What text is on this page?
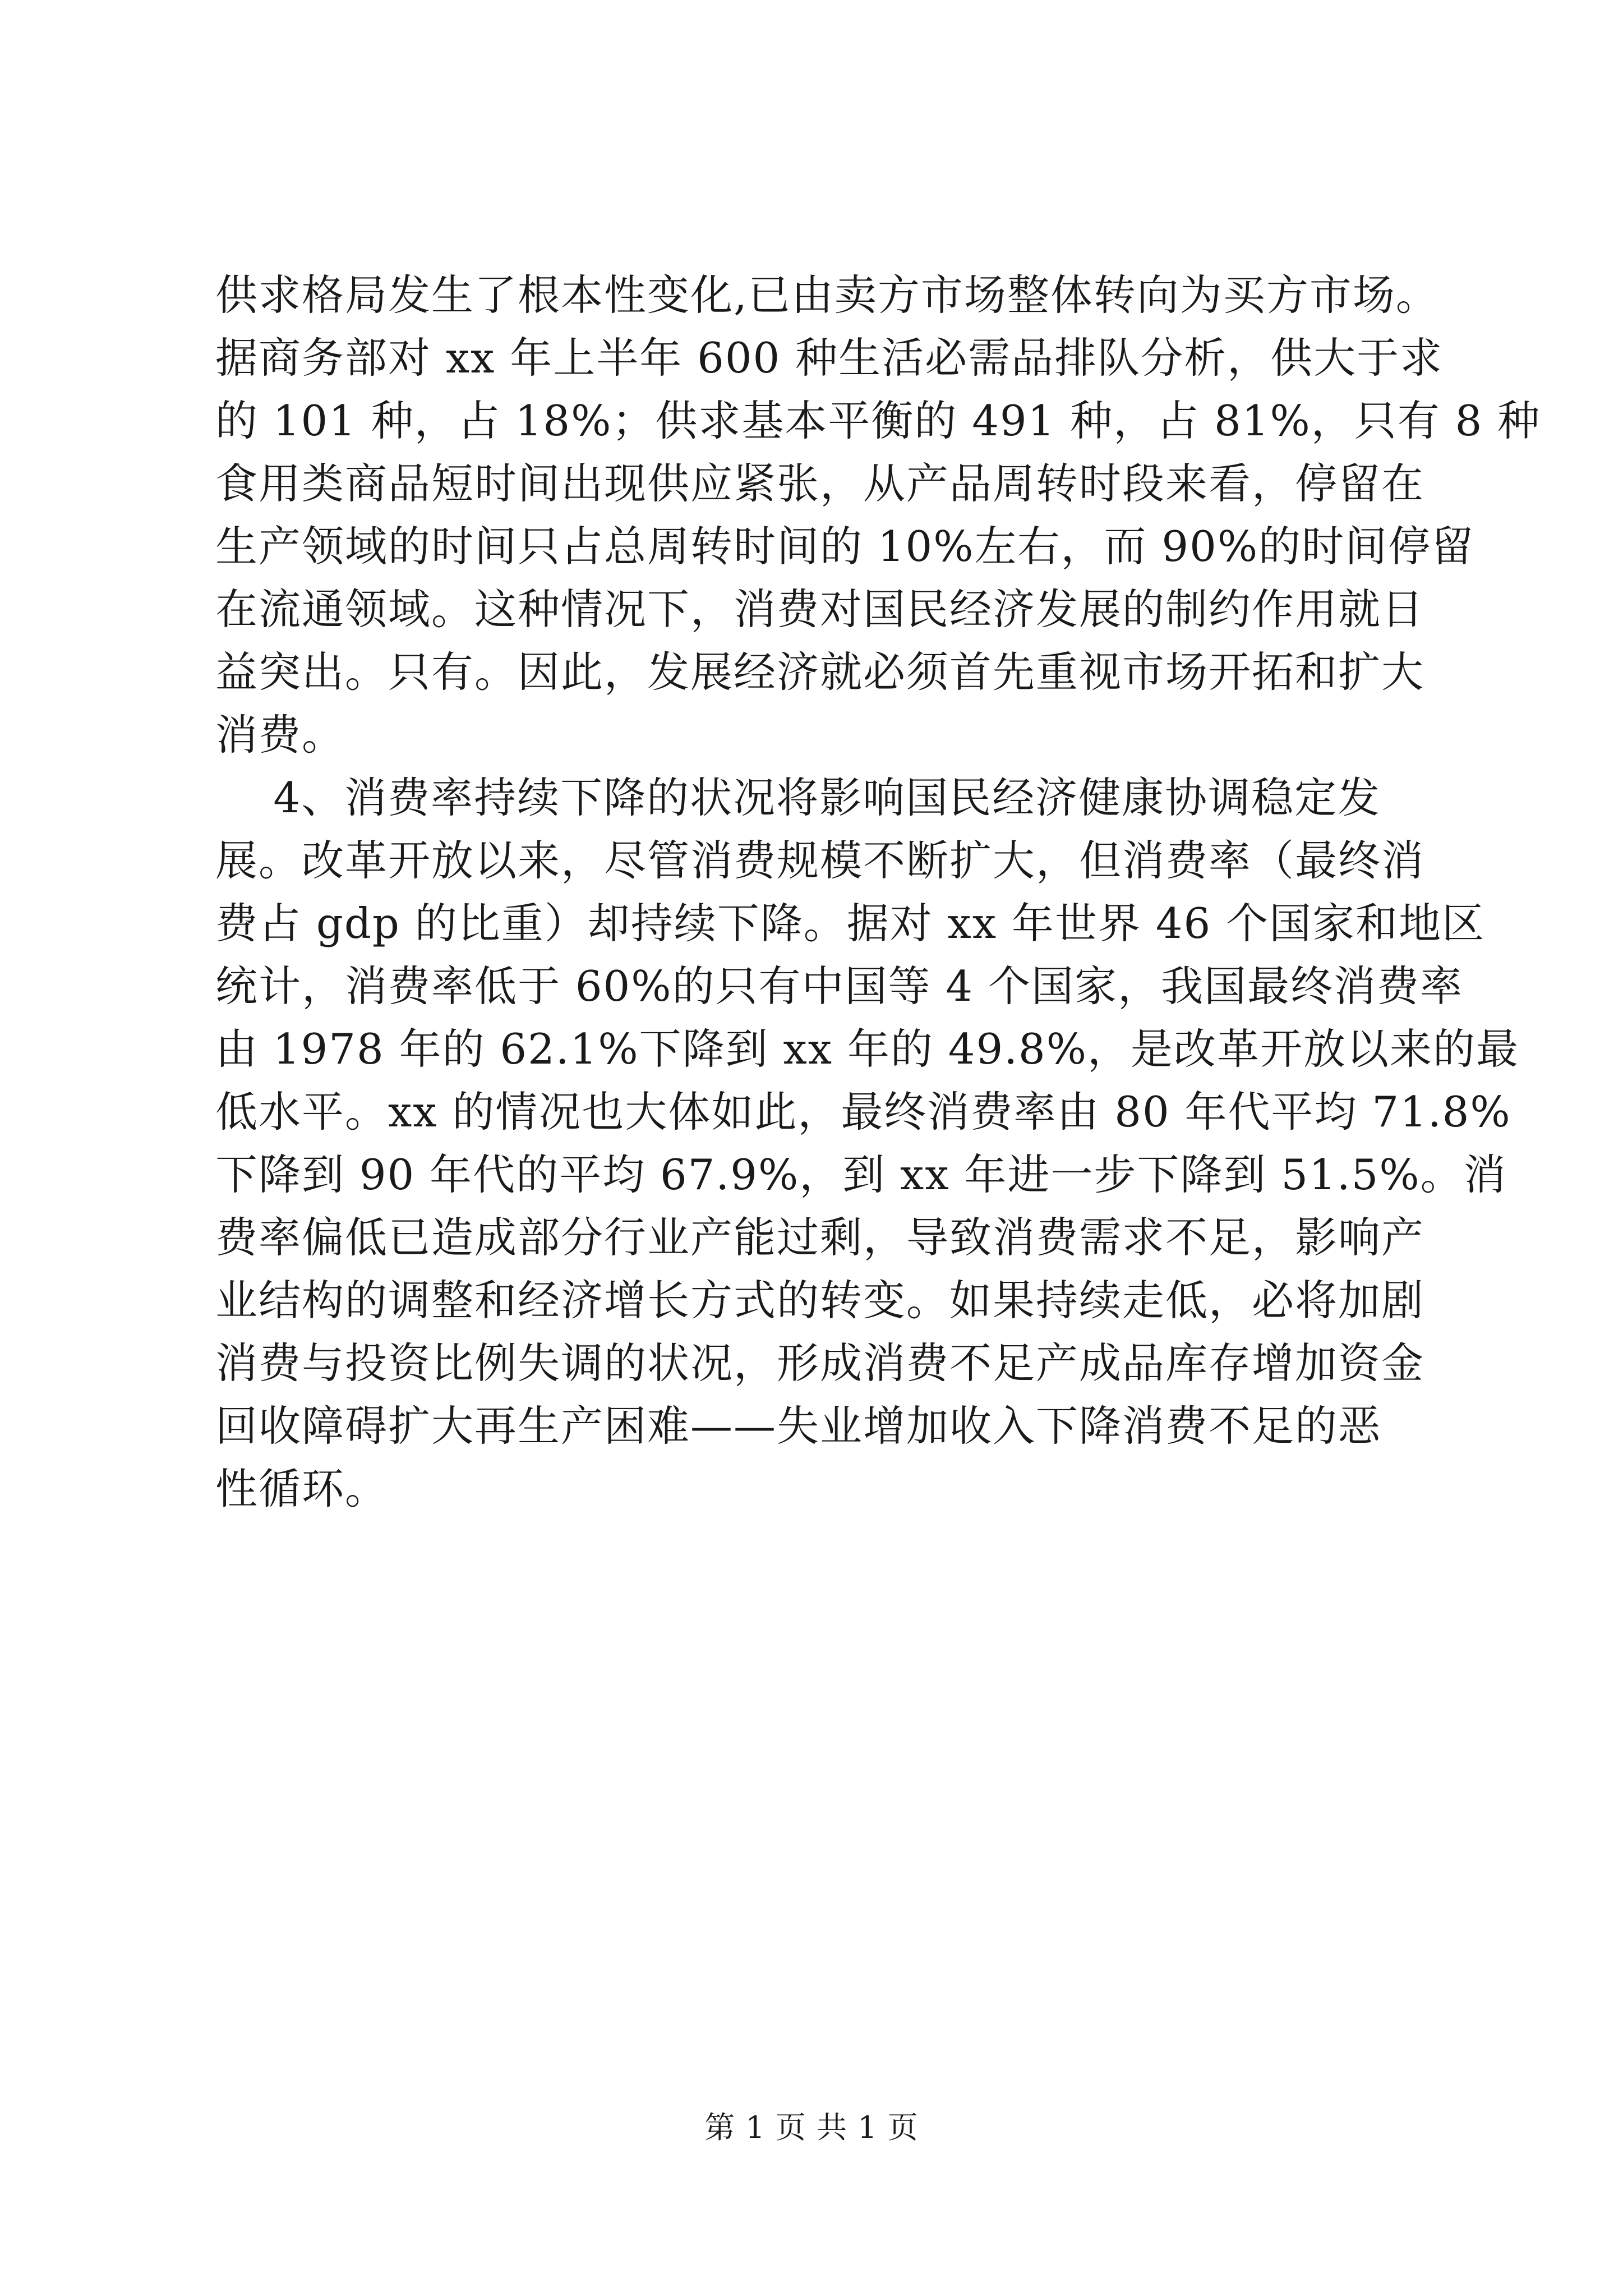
供求格局发生了根本性变化,已由卖方市场整体转向为买方市场。
据商务部对 xx 年上半年 600 种生活必需品排队分析，供大于求
的 101 种，占 18%；供求基本平衡的 491 种，占 81%，只有 8 种
食用类商品短时间出现供应紧张，从产品周转时段来看，停留在
生产领域的时间只占总周转时间的 10%左右，而 90%的时间停留
在流通领域。这种情况下，消费对国民经济发展的制约作用就日
益突出。只有。因此，发展经济就必须首先重视市场开拓和扩大
消费。
4、消费率持续下降的状况将影响国民经济健康协调稳定发
展。改革开放以来，尽管消费规模不断扩大，但消费率（最终消
费占 gdp 的比重）却持续下降。据对 xx 年世界 46 个国家和地区
统计，消费率低于 60%的只有中国等 4 个国家，我国最终消费率
由 1978 年的 62.1%下降到 xx 年的 49.8%，是改革开放以来的最
低水平。xx 的情况也大体如此，最终消费率由 80 年代平均 71.8%
下降到 90 年代的平均 67.9%，到 xx 年进一步下降到 51.5%。消
费率偏低已造成部分行业产能过剩，导致消费需求不足，影响产
业结构的调整和经济增长方式的转变。如果持续走低，必将加剧
消费与投资比例失调的状况，形成消费不足产成品库存增加资金
回收障碍扩大再生产困难——失业增加收入下降消费不足的恶
性循环。
第 1 页 共 1 页
